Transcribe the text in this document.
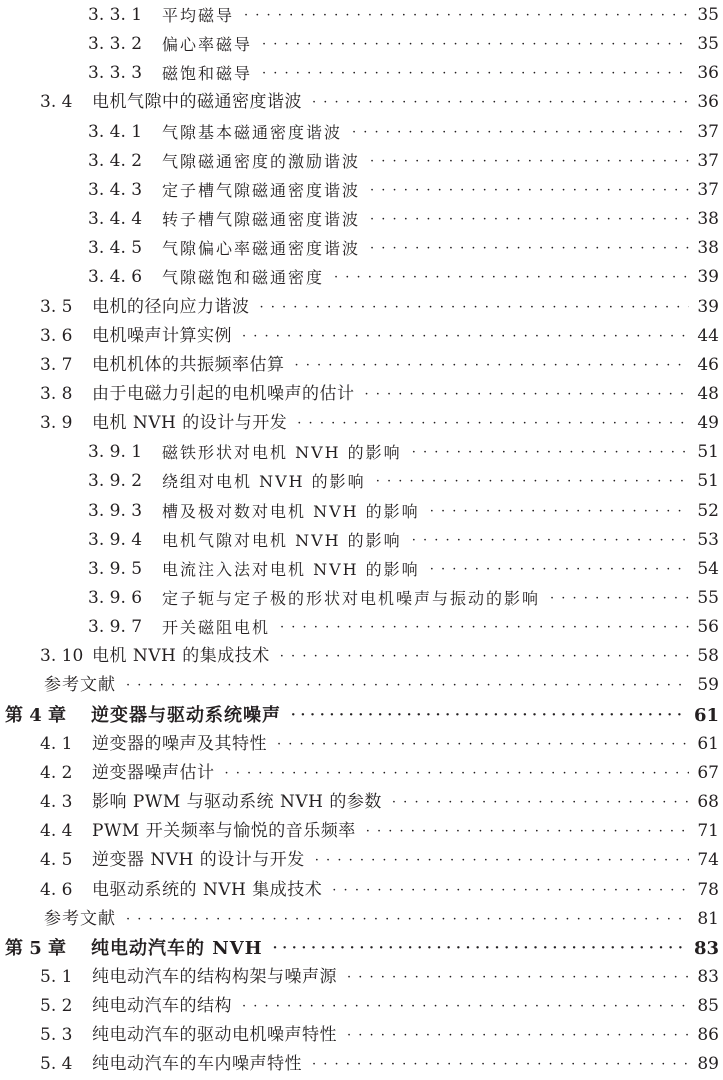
3. 3. 1 平均磁导 · · ·	35
3. 3. 2 偏心率磁导 · · ·	35
3. 3. 3 磁饱和磁导 · · ·	36
3. 4 电机气隙中的磁通密度谐波 · · ·	36
3. 4. 1 气隙基本磁通密度谐波 · · ·	37
3. 4. 2 气隙磁通密度的激励谐波 · · ·	37
3. 4. 3 定子槽气隙磁通密度谐波 · · ·	37
3. 4. 4 转子槽气隙磁通密度谐波 · · ·	38
3. 4. 5 气隙偏心率磁通密度谐波 · · ·	38
3. 4. 6 气隙磁饱和磁通密度 · · ·	39
3. 5 电机的径向应力谐波 · · ·	39
3. 6 电机噪声计算实例 · · ·	44
3. 7 电机机体的共振频率估算 · · ·	46
3. 8 由于电磁力引起的电机噪声的估计 · · ·	48
3. 9 电机 NVH 的设计与开发 · · ·	49
3. 9. 1 磁铁形状对电机 NVH 的影响 · · ·	51
3. 9. 2 绕组对电机 NVH 的影响 · · ·	51
3. 9. 3 槽及极对数对电机 NVH 的影响 · · ·	52
3. 9. 4 电机气隙对电机 NVH 的影响 · · ·	53
3. 9. 5 电流注入法对电机 NVH 的影响 · · ·	54
3. 9. 6 定子轭与定子极的形状对电机噪声与振动的影响 · · ·	55
3. 9. 7 开关磁阻电机 · · ·	56
3. 10 电机 NVH 的集成技术 · · ·	58
参考文献 · · ·	59
第 4 章 逆变器与驱动系统噪声 · · ·	61
4. 1 逆变器的噪声及其特性 · · ·	61
4. 2 逆变器噪声估计 · · ·	67
4. 3 影响 PWM 与驱动系统 NVH 的参数 · · ·	68
4. 4 PWM 开关频率与愉悦的音乐频率 · · ·	71
4. 5 逆变器 NVH 的设计与开发 · · ·	74
4. 6 电驱动系统的 NVH 集成技术 · · ·	78
参考文献 · · ·	81
第 5 章 纯电动汽车的 NVH · · ·	83
5. 1 纯电动汽车的结构构架与噪声源 · · ·	83
5. 2 纯电动汽车的结构 · · ·	85
5. 3 纯电动汽车的驱动电机噪声特性 · · ·	86
5. 4 纯电动汽车的车内噪声特性 · · ·	89
